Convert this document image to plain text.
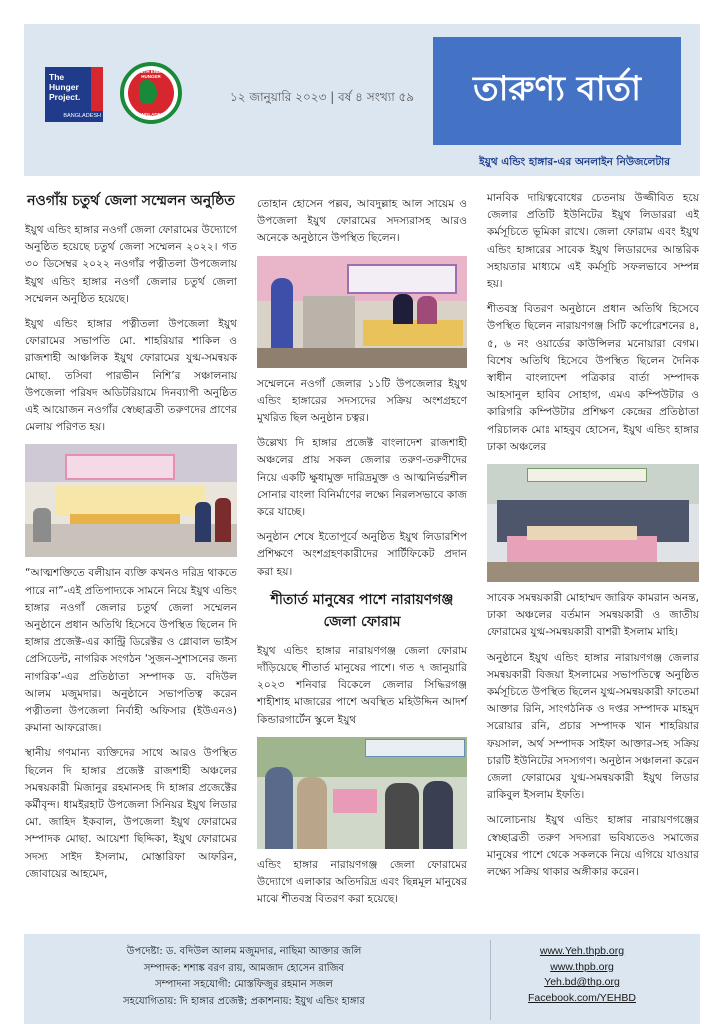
The
Hunger
Project.
BANGLADESH
YOUTH ENDING HUNGER
BANGLADESH
১২ জানুয়ারি ২০২৩ | বর্ষ ৪ সংখ্যা ৫৯	তারুণ্য বার্তা
ইয়ুথ এন্ডিং হাঙ্গার-এর অনলাইন নিউজলেটার
নওগাঁয় চতুর্থ জেলা সম্মেলন অনুষ্ঠিত

ইয়ুথ এন্ডিং হাঙ্গার নওগাঁ জেলা ফোরামের উদ্যোগে অনুষ্ঠিত হয়েছে চতুর্থ জেলা সম্মেলন ২০২২। গত ৩০ ডিসেম্বর ২০২২ নওগাঁর পত্নীতলা উপজেলায় ইয়ুথ এন্ডিং হাঙ্গার নওগাঁ জেলার চতুর্থ জেলা সম্মেলন অনুষ্ঠিত হয়েছে।

ইয়ুথ এন্ডিং হাঙ্গার পত্নীতলা উপজেলা ইয়ুথ ফোরামের সভাপতি মো. শাহরিয়ার শাকিল ও রাজশাহী আঞ্চলিক ইয়ুথ ফোরামের যুগ্ম-সমন্বয়ক মোছা. তসিবা পারভীন নিশি’র সঞ্চালনায় উপজেলা পরিষদ অডিটরিয়ামে দিনব্যাপী অনুষ্ঠিত এই আয়োজন নওগাঁর স্বেচ্ছাব্রতী তরুণদের প্রাণের মেলায় পরিণত হয়।

“আত্মশক্তিতে বলীয়ান ব্যক্তি কখনও দরিদ্র থাকতে পারে না”-এই প্রতিপাদ্যকে সামনে নিয়ে ইয়ুথ এন্ডিং হাঙ্গার নওগাঁ জেলার চতুর্থ জেলা সম্মেলন অনুষ্ঠানে প্রধান অতিথি হিসেবে উপস্থিত ছিলেন দি হাঙ্গার প্রজেক্ট-এর কান্ট্রি ডিরেক্টর ও গ্লোবাল ভাইস প্রেসিডেন্ট, নাগরিক সংগঠন ‘সুজন-সুশাসনের জন্য নাগরিক’-এর প্রতিষ্ঠাতা সম্পাদক ড. বদিউল আলম মজুমদার। অনুষ্ঠানে সভাপতিত্ব করেন পত্নীতলা উপজেলা নির্বাহী অফিসার (ইউএনও) রুমানা আফরোজ।

স্থানীয় গণমান্য ব্যক্তিদের সাথে আরও উপস্থিত ছিলেন দি হাঙ্গার প্রজেক্ট রাজশাহী অঞ্চলের সমন্বয়কারী মিজানুর রহমানসহ দি হাঙ্গার প্রজেক্টের কর্মীবৃন্দ। ধামইরহাট উপজেলা সিনিয়র ইয়ুথ লিডার মো. জাহিদ ইকবাল, উপজেলা ইয়ুথ ফোরামের সম্পাদক মোছা. আয়েশা ছিদ্দিকা, ইয়ুথ ফোরামের সদস্য সাইদ ইসলাম, মোস্তারিফা আফরিন, জোবায়ের আহমেদ,

তোহান হোসেন পল্লব, আবদুল্লাহ আল সায়েম ও উপজেলা ইয়ুথ ফোরামের সদস্যরাসহ আরও অনেকে অনুষ্ঠানে উপস্থিত ছিলেন।

সম্মেলনে নওগাঁ জেলার ১১টি উপজেলার ইয়ুথ এন্ডিং হাঙ্গারের সদস্যদের সক্রিয় অংশগ্রহণে মুখরিত ছিল অনুষ্ঠান চত্বর।

উল্লেখ্য দি হাঙ্গার প্রজেক্ট বাংলাদেশ রাজশাহী অঞ্চলের প্রায় সকল জেলার তরুণ-তরুণীদের নিয়ে একটি ক্ষুধামুক্ত দারিদ্রমুক্ত ও আত্মনির্ভরশীল সোনার বাংলা বিনির্মাণের লক্ষ্যে নিরলসভাবে কাজ করে যাচ্ছে।

অনুষ্ঠান শেষে ইতোপূর্বে অনুষ্ঠিত ইয়ুথ লিডারশিপ প্রশিক্ষণে অংশগ্রহণকারীদের সার্টিফিকেট প্রদান করা হয়।

শীতার্ত মানুষের পাশে নারায়ণগঞ্জ জেলা ফোরাম

ইয়ুথ এন্ডিং হাঙ্গার নারায়ণগঞ্জ জেলা ফোরাম দাঁড়িয়েছে শীতার্ত মানুষের পাশে। গত ৭ জানুয়ারি ২০২৩ শনিবার বিকেলে জেলার সিদ্ধিরগঞ্জ শাহীশাহ মাজারের পাশে অবস্থিত মহিউদ্দিন আদর্শ কিন্ডারগার্টেন স্কুলে ইয়ুথ

এন্ডিং হাঙ্গার নারায়ণগঞ্জ জেলা ফোরামের উদ্যোগে এলাকার অতিদরিদ্র এবং ছিন্নমূল মানুষের মাঝে শীতবস্ত্র বিতরণ করা হয়েছে।

মানবিক দায়িত্ববোধের চেতনায় উজ্জীবিত হয়ে জেলার প্রতিটি ইউনিটের ইয়ুথ লিডাররা এই কর্মসূচিতে ভূমিকা রাখে। জেলা ফোরাম এবং ইয়ুথ এন্ডিং হাঙ্গারের সাবেক ইয়ুথ লিডারদের আন্তরিক সহায়তার মাধ্যমে এই কর্মসূচি সফলভাবে সম্পন্ন হয়।

শীতবস্ত্র বিতরণ অনুষ্ঠানে প্রধান অতিথি হিসেবে উপস্থিত ছিলেন নারায়ণগঞ্জ সিটি কর্পোরেশনের ৪, ৫, ৬ নং ওয়ার্ডের কাউন্সিলর মনোয়ারা বেগম। বিশেষ অতিথি হিসেবে উপস্থিত ছিলেন দৈনিক স্বাধীন বাংলাদেশ পত্রিকার বার্তা সম্পাদক আহসানুল হাবিব সোহাগ, এমএ কম্পিউটার ও কারিগরি কম্পিউটার প্রশিক্ষণ কেন্দ্রের প্রতিষ্ঠাতা পরিচালক মোঃ মাহবুব হোসেন, ইয়ুথ এন্ডিং হাঙ্গার ঢাকা অঞ্চলের

সাবেক সমন্বয়কারী মোহাম্মদ জারিফ কামরান অনন্ত, ঢাকা অঞ্চলের বর্তমান সমন্বয়কারী ও জাতীয় ফোরামের যুগ্ম-সমন্বয়কারী বাশরী ইসলাম মাহি।

অনুষ্ঠানে ইয়ুথ এন্ডিং হাঙ্গার নারায়ণগঞ্জ জেলার সমন্বয়কারী বিজয়া ইসলামের সভাপতিত্বে অনুষ্ঠিত কর্মসূচিতে উপস্থিত ছিলেন যুগ্ম-সমন্বয়কারী ফাতেমা আক্তার রিনি, সাংগঠনিক ও দপ্তর সম্পাদক মাহমুদ সরোয়ার রনি, প্রচার সম্পাদক খান শাহরিয়ার ফয়সাল, অর্থ সম্পাদক সাইফা আক্তার-সহ সক্রিয় চারটি ইউনিটের সদস্যগণ। অনুষ্ঠান সঞ্চালনা করেন জেলা ফোরামের যুগ্ম-সমন্বয়কারী ইয়ুথ লিডার রাকিবুল ইসলাম ইফতি।

আলোচনায় ইয়ুথ এন্ডিং হাঙ্গার নারায়ণগঞ্জের স্বেচ্ছাব্রতী তরুণ সদস্যরা ভবিষ্যতেও সমাজের মানুষের পাশে থেকে সকলকে নিয়ে এগিয়ে যাওয়ার লক্ষ্যে সক্রিয় থাকার অঙ্গীকার করেন।

উপদেষ্টা: ড. বদিউল আলম মজুমদার, নাছিমা আক্তার জলি
সম্পাদক: শশাঙ্ক বরণ রায়, আমজাদ হোসেন রাজিব
সম্পাদনা সহযোগী: মোস্তফিজুর রহমান সজল
সহযোগিতায়: দি হাঙ্গার প্রজেক্ট; প্রকাশনায়: ইয়ুথ এন্ডিং হাঙ্গার
www.Yeh.thpb.org
www.thpb.org
Yeh.bd@thp.org
Facebook.com/YEHBD
